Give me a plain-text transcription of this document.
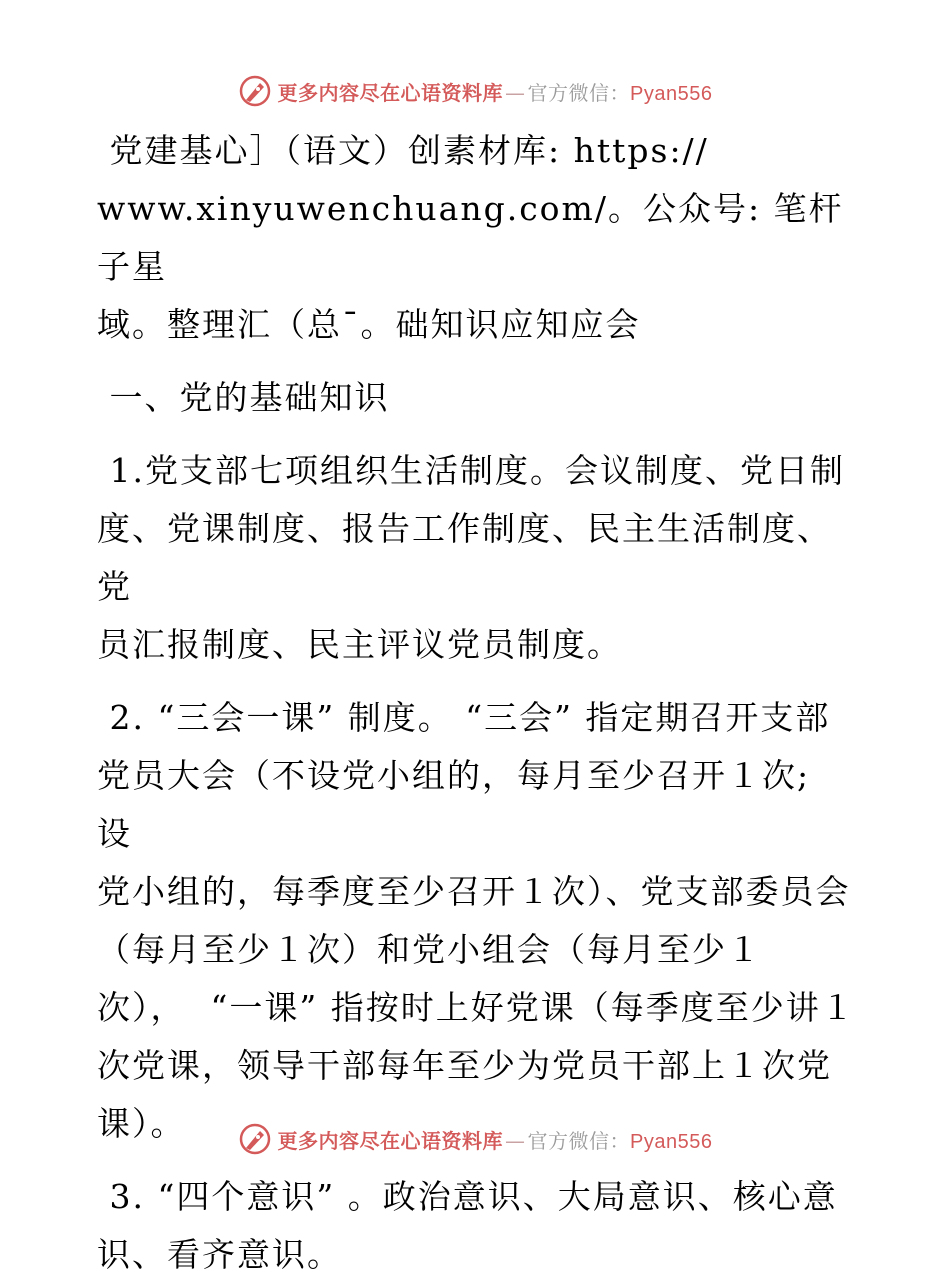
更多内容尽在心语资料库 — 官方微信：Pyan556

党建基心］（语文）创素材库: https://
www.xinyuwenchuang.com/。公众号: 笔杆子星
域。整理汇（总¯。础知识应知应会

一、党的基础知识

1.党支部七项组织生活制度。会议制度、党日制
度、党课制度、报告工作制度、民主生活制度、党
员汇报制度、民主评议党员制度。

2. “三会一课” 制度。 “三会” 指定期召开支部
党员大会（不设党小组的，每月至少召开１次; 设
党小组的，每季度至少召开１次）、党支部委员会
（每月至少１次）和党小组会（每月至少１
次），  “一课” 指按时上好党课（每季度至少讲１
次党课，领导干部每年至少为党员干部上１次党
课）。

3. “四个意识” 。政治意识、大局意识、核心意
识、看齐意识。

更多内容尽在心语资料库 — 官方微信：Pyan556
